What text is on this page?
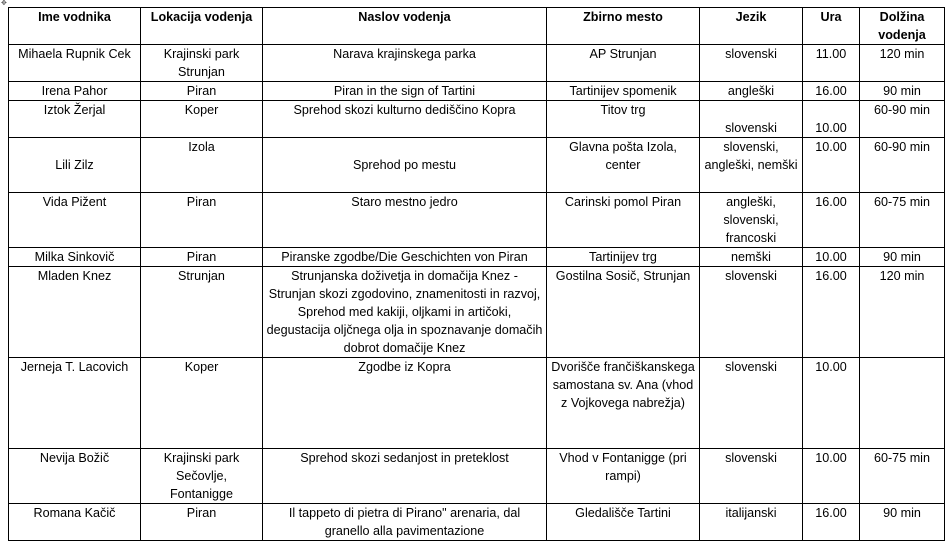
✥
Ime vodnika	Lokacija vodenja	Naslov vodenja	Zbirno mesto	Jezik	Ura	Dolžina vodenja
Mihaela Rupnik Cek	Krajinski park Strunjan	Narava krajinskega parka	AP Strunjan	slovenski	11.00	120 min
Irena Pahor	Piran	Piran in the sign of Tartini	Tartinijev spomenik	angleški	16.00	90 min
Iztok Žerjal	Koper	Sprehod skozi kulturno dediščino Kopra	Titov trg	slovenski	10.00	60-90 min
Lili Zilz	Izola	Sprehod po mestu	Glavna pošta Izola, center	slovenski, angleški, nemški	10.00	60-90 min
Vida Pižent	Piran	Staro mestno jedro	Carinski pomol Piran	angleški, slovenski, francoski	16.00	60-75 min
Milka Sinkovič	Piran	Piranske zgodbe/Die Geschichten von Piran	Tartinijev trg	nemški	10.00	90 min
Mladen Knez	Strunjan	Strunjanska doživetja in domačija Knez - Strunjan skozi zgodovino, znamenitosti in razvoj, Sprehod med kakiji, oljkami in artičoki, degustacija olјčnega olja in spoznavanje domačih dobrot domačije Knez	Gostilna Sosič, Strunjan	slovenski	16.00	120 min
Jerneja T. Lacovich	Koper	Zgodbe iz Kopra	Dvorišče frančiškanskega samostana sv. Ana (vhod z Vojkovega nabrežja)	slovenski	10.00	
Nevija Božič	Krajinski park Sečovlje, Fontanigge	Sprehod skozi sedanjost in preteklost	Vhod v Fontanigge (pri rampi)	slovenski	10.00	60-75 min
Romana Kačič	Piran	Il tappeto di pietra di Pirano" arenaria, dal granello alla pavimentazione	Gledališče Tartini	italijanski	16.00	90 min
